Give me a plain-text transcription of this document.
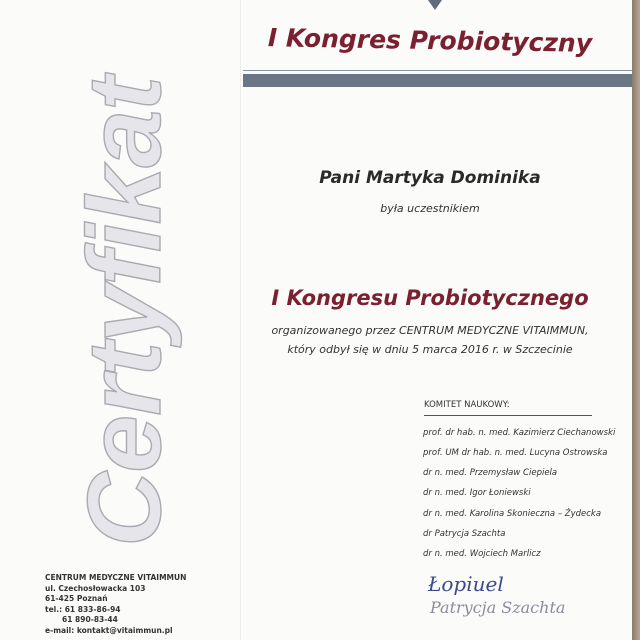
Certyfikat
I Kongres Probiotyczny
Pani Martyka Dominika
była uczestnikiem
I Kongresu Probiotycznego
organizowanego przez CENTRUM MEDYCZNE VITAIMMUN,
który odbył się w dniu 5 marca 2016 r. w Szczecinie
KOMITET NAUKOWY:
prof. dr hab. n. med. Kazimierz Ciechanowski
prof. UM dr hab. n. med. Lucyna Ostrowska
dr n. med. Przemysław Ciepiela
dr n. med. Igor Łoniewski
dr n. med. Karolina Skonieczna – Żydecka
dr Patrycja Szachta
dr n. med. Wojciech Marlicz
Łopiuel
Patrycja Szachta
CENTRUM MEDYCZNE VITAIMMUN
ul. Czechosłowacka 103
61-425 Poznań
tel.: 61 833-86-94
61 890-83-44
e-mail: kontakt@vitaimmun.pl
